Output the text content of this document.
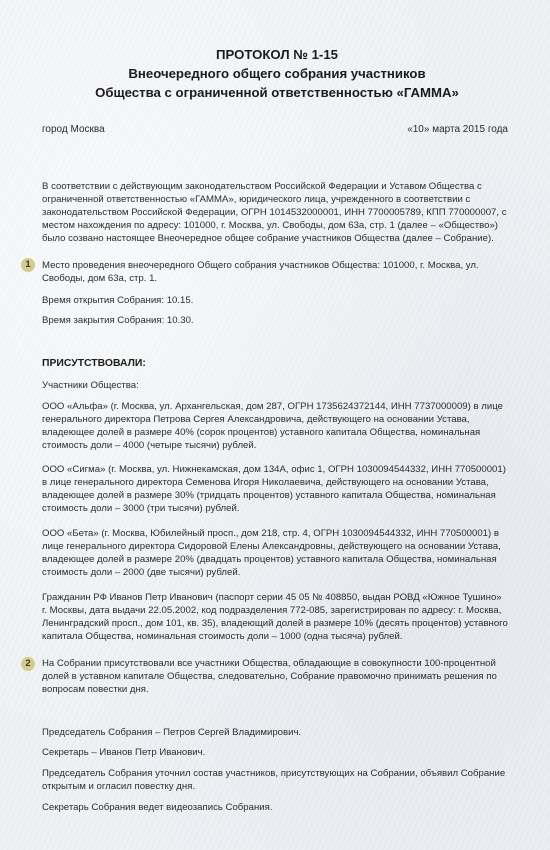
ПРОТОКОЛ № 1-15
Внеочередного общего собрания участников
Общества с ограниченной ответственностью «ГАММА»
город Москва	«10» марта 2015 года
В соответствии с действующим законодательством Российской Федерации и Уставом Общества с ограниченной ответственностью «ГАММА», юридического лица, учрежденного в соответствии с законодательством Российской Федерации, ОГРН 1014532000001, ИНН 7700005789, КПП 770000007, с местом нахождения по адресу: 101000, г. Москва, ул. Свободы, дом 63а, стр. 1 (далее – «Общество») было созвано настоящее Внеочередное общее собрание участников Общества (далее – Собрание).
Место проведения внеочередного Общего собрания участников Общества: 101000, г. Москва, ул. Свободы, дом 63а, стр. 1.
Время открытия Собрания: 10.15.
Время закрытия Собрания: 10.30.
ПРИСУТСТВОВАЛИ:
Участники Общества:
ООО «Альфа» (г. Москва, ул. Архангельская, дом 287, ОГРН 1735624372144, ИНН 7737000009) в лице генерального директора Петрова Сергея Александровича, действующего на основании Устава, владеющее долей в размере 40% (сорок процентов) уставного капитала Общества, номинальная стоимость доли – 4000 (четыре тысячи) рублей.
ООО «Сигма» (г. Москва, ул. Нижнекамская, дом 134А, офис 1, ОГРН 1030094544332, ИНН 770500001) в лице генерального директора Семенова Игоря Николаевича, действующего на основании Устава, владеющее долей в размере 30% (тридцать процентов) уставного капитала Общества, номинальная стоимость доли – 3000 (три тысячи) рублей.
ООО «Бета» (г. Москва, Юбилейный просп., дом 218, стр. 4, ОГРН 1030094544332, ИНН 770500001) в лице генерального директора Сидоровой Елены Александровны, действующего на основании Устава, владеющее долей в размере 20% (двадцать процентов) уставного капитала Общества, номинальная стоимость доли – 2000 (две тысячи) рублей.
Гражданин РФ Иванов Петр Иванович (паспорт серии 45 05 № 408850, выдан РОВД «Южное Тушино» г. Москвы, дата выдачи 22.05.2002, код подразделения 772-085, зарегистрирован по адресу: г. Москва, Ленинградский просп., дом 101, кв. 35), владеющий долей в размере 10% (десять процентов) уставного капитала Общества, номинальная стоимость доли – 1000 (одна тысяча) рублей.
На Собрании присутствовали все участники Общества, обладающие в совокупности 100-процентной долей в уставном капитале Общества, следовательно, Собрание правомочно принимать решения по вопросам повестки дня.
Председатель Собрания – Петров Сергей Владимирович.
Секретарь – Иванов Петр Иванович.
Председатель Собрания уточнил состав участников, присутствующих на Собрании, объявил Собрание открытым и огласил повестку дня.
Секретарь Собрания ведет видеозапись Собрания.
1
2
